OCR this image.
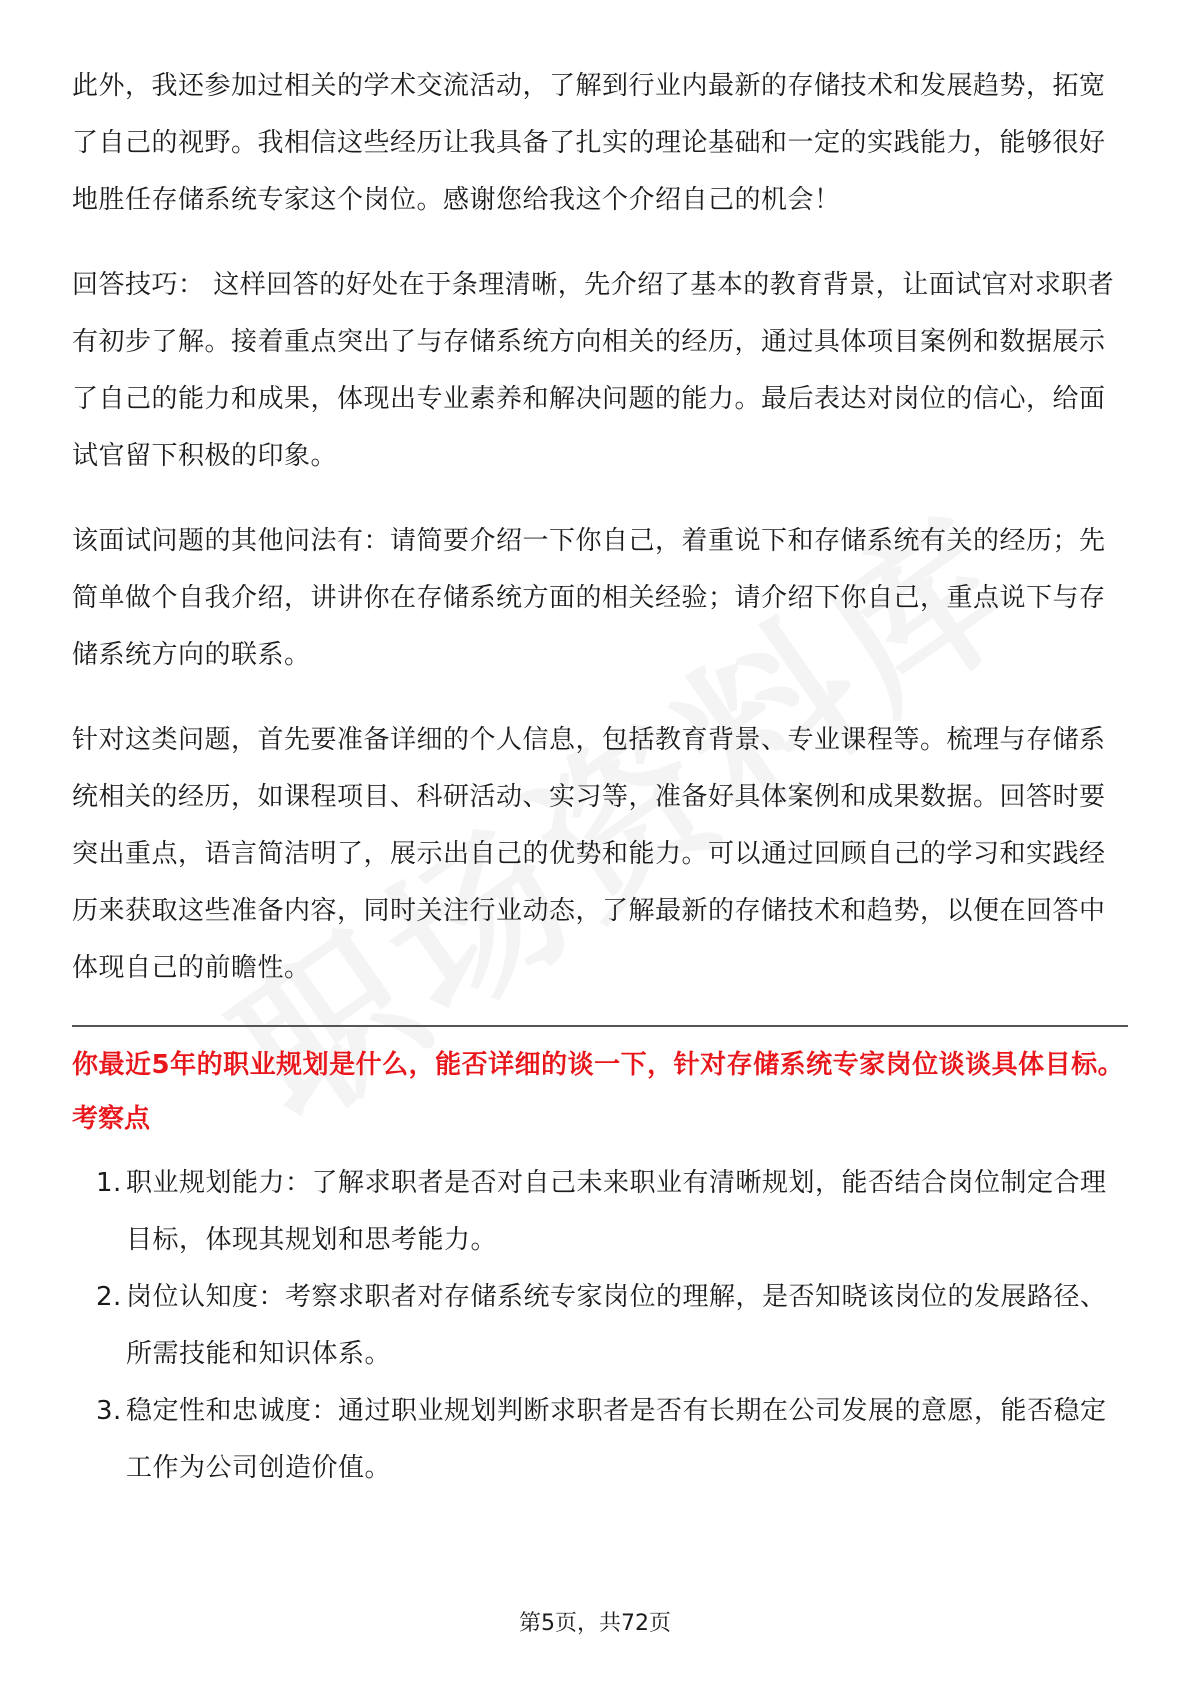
此外，我还参加过相关的学术交流活动，了解到行业内最新的存储技术和发展趋势，拓宽了自己的视野。我相信这些经历让我具备了扎实的理论基础和一定的实践能力，能够很好地胜任存储系统专家这个岗位。感谢您给我这个介绍自己的机会！

回答技巧： 这样回答的好处在于条理清晰，先介绍了基本的教育背景，让面试官对求职者有初步了解。接着重点突出了与存储系统方向相关的经历，通过具体项目案例和数据展示了自己的能力和成果，体现出专业素养和解决问题的能力。最后表达对岗位的信心，给面试官留下积极的印象。

该面试问题的其他问法有：请简要介绍一下你自己，着重说下和存储系统有关的经历；先简单做个自我介绍，讲讲你在存储系统方面的相关经验；请介绍下你自己，重点说下与存储系统方向的联系。

针对这类问题，首先要准备详细的个人信息，包括教育背景、专业课程等。梳理与存储系统相关的经历，如课程项目、科研活动、实习等，准备好具体案例和成果数据。回答时要突出重点，语言简洁明了，展示出自己的优势和能力。可以通过回顾自己的学习和实践经历来获取这些准备内容，同时关注行业动态，了解最新的存储技术和趋势，以便在回答中体现自己的前瞻性。

你最近5年的职业规划是什么，能否详细的谈一下，针对存储系统专家岗位谈谈具体目标。
考察点
1. 职业规划能力：了解求职者是否对自己未来职业有清晰规划，能否结合岗位制定合理目标，体现其规划和思考能力。
2. 岗位认知度：考察求职者对存储系统专家岗位的理解，是否知晓该岗位的发展路径、所需技能和知识体系。
3. 稳定性和忠诚度：通过职业规划判断求职者是否有长期在公司发展的意愿，能否稳定工作为公司创造价值。
第5页，共72页
